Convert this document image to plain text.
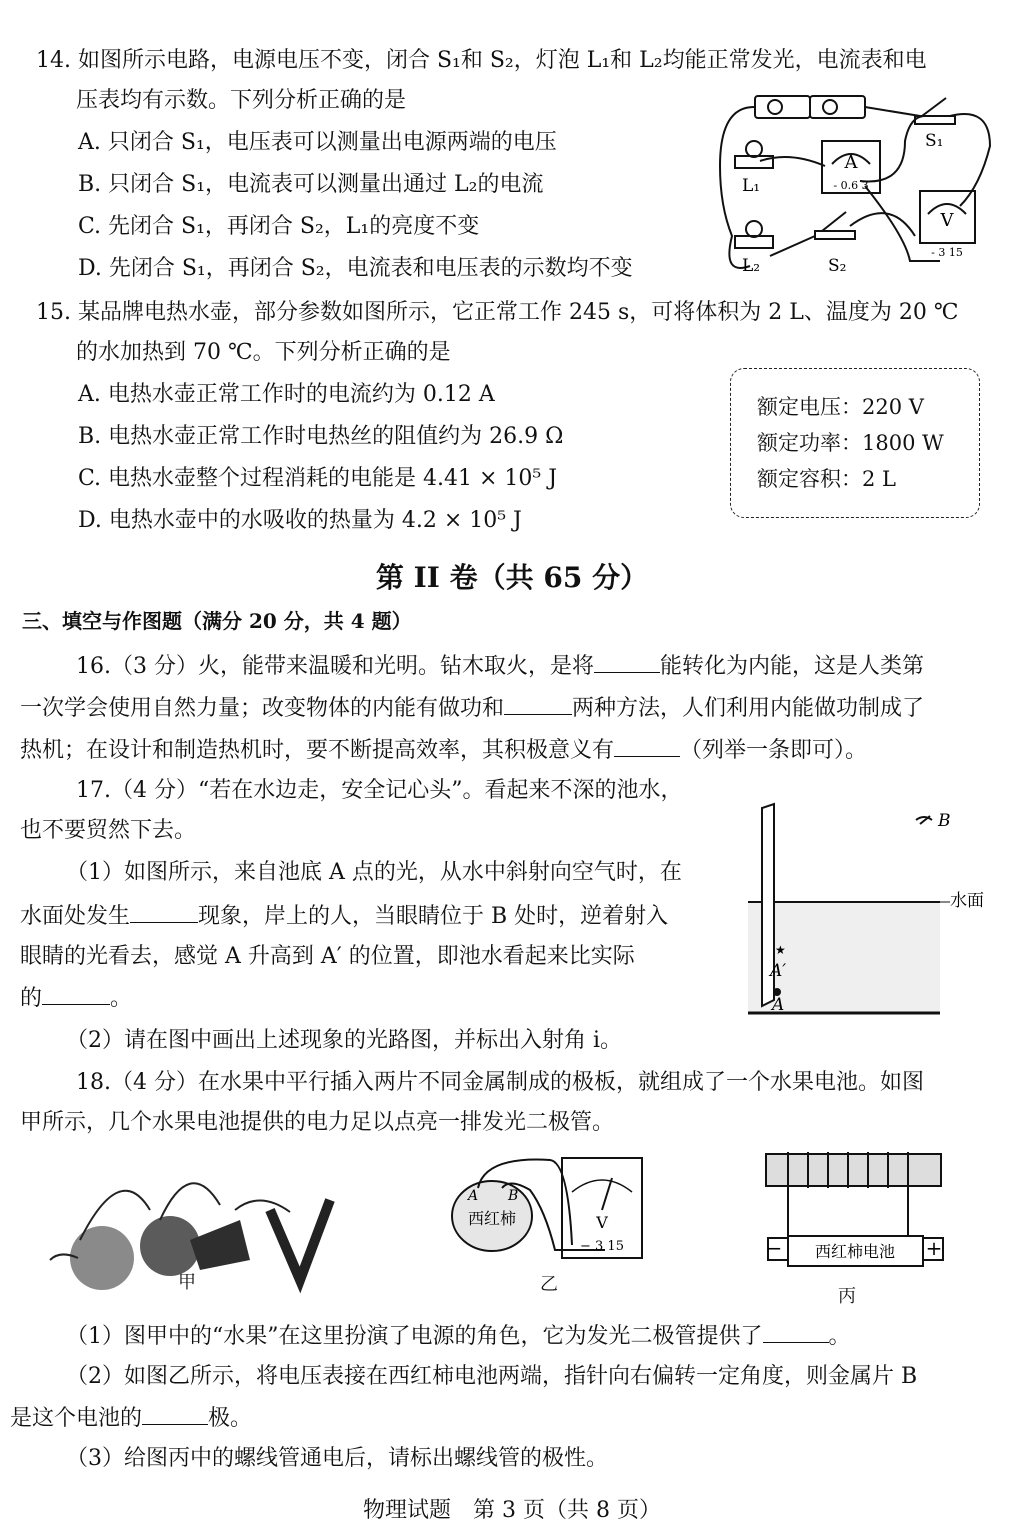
14. 如图所示电路，电源电压不变，闭合 S₁和 S₂，灯泡 L₁和 L₂均能正常发光，电流表和电
压表均有示数。下列分析正确的是
A. 只闭合 S₁，电压表可以测量出电源两端的电压
B. 只闭合 S₁，电流表可以测量出通过 L₂的电流
C. 先闭合 S₁，再闭合 S₂，L₁的亮度不变
D. 先闭合 S₁，再闭合 S₂，电流表和电压表的示数均不变
A
- 0.6 3
V
- 3 15
S₁
S₂
L₁
L₂
15. 某品牌电热水壶，部分参数如图所示，它正常工作 245 s，可将体积为 2 L、温度为 20 ℃
的水加热到 70 ℃。下列分析正确的是
A. 电热水壶正常工作时的电流约为 0.12 A
B. 电热水壶正常工作时电热丝的阻值约为 26.9 Ω
C. 电热水壶整个过程消耗的电能是 4.41 × 10⁵ J
D. 电热水壶中的水吸收的热量为 4.2 × 10⁵ J
额定电压：220 V
额定功率：1800 W
额定容积：2 L
第 II 卷（共 65 分）
三、填空与作图题（满分 20 分，共 4 题）
16.（3 分）火，能带来温暖和光明。钻木取火，是将	能转化为内能，这是人类第
一次学会使用自然力量；改变物体的内能有做功和	两种方法，人们利用内能做功制成了
热机；在设计和制造热机时，要不断提高效率，其积极意义有	（列举一条即可）。
17.（4 分）“若在水边走，安全记心头”。看起来不深的池水，
也不要贸然下去。
（1）如图所示，来自池底 A 点的光，从水中斜射向空气时，在
水面处发生	现象，岸上的人，当眼睛位于 B 处时，逆着射入
眼睛的光看去，感觉 A 升高到 A′ 的位置，即池水看起来比实际
的	。
（2）请在图中画出上述现象的光路图，并标出入射角 i。
★
水面
B
A′
A
18.（4 分）在水果中平行插入两片不同金属制成的极板，就组成了一个水果电池。如图
甲所示，几个水果电池提供的电力足以点亮一排发光二极管。
甲
A B
西红柿	V
− 3 15
乙
西红柿电池
−	+
丙
（1）图甲中的“水果”在这里扮演了电源的角色，它为发光二极管提供了	。
（2）如图乙所示，将电压表接在西红柿电池两端，指针向右偏转一定角度，则金属片 B
是这个电池的	极。
（3）给图丙中的螺线管通电后，请标出螺线管的极性。
物理试题　第 3 页（共 8 页）
